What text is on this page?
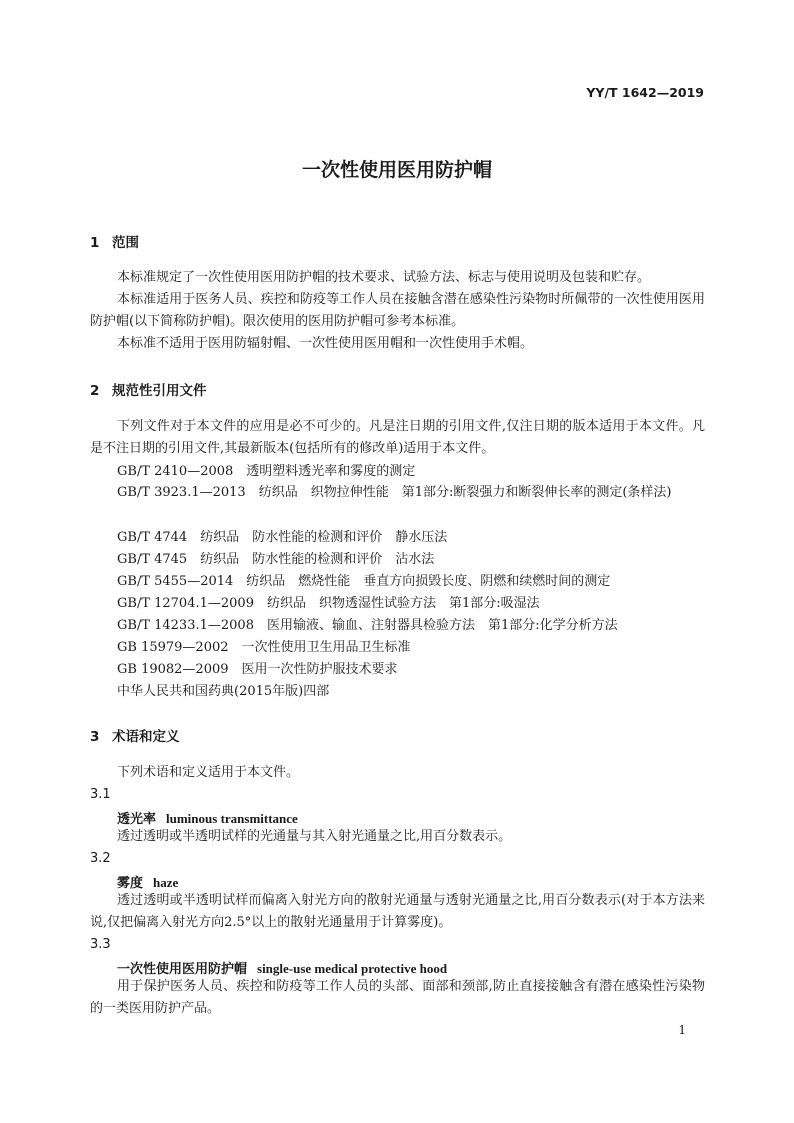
YY/T 1642—2019
一次性使用医用防护帽
1 范围
本标准规定了一次性使用医用防护帽的技术要求、试验方法、标志与使用说明及包装和贮存。
本标准适用于医务人员、疾控和防疫等工作人员在接触含潜在感染性污染物时所佩带的一次性使用医用防护帽(以下简称防护帽)。限次使用的医用防护帽可参考本标准。
本标准不适用于医用防辐射帽、一次性使用医用帽和一次性使用手术帽。
2 规范性引用文件
下列文件对于本文件的应用是必不可少的。凡是注日期的引用文件,仅注日期的版本适用于本文件。凡是不注日期的引用文件,其最新版本(包括所有的修改单)适用于本文件。
GB/T 2410—2008　透明塑料透光率和雾度的测定
GB/T 3923.1—2013　纺织品　织物拉伸性能　第1部分:断裂强力和断裂伸长率的测定(条样法)
GB/T 4744　纺织品　防水性能的检测和评价　静水压法
GB/T 4745　纺织品　防水性能的检测和评价　沾水法
GB/T 5455—2014　纺织品　燃烧性能　垂直方向损毁长度、阴燃和续燃时间的测定
GB/T 12704.1—2009　纺织品　织物透湿性试验方法　第1部分:吸湿法
GB/T 14233.1—2008　医用输液、输血、注射器具检验方法　第1部分:化学分析方法
GB 15979—2002　一次性使用卫生用品卫生标准
GB 19082—2009　医用一次性防护服技术要求
中华人民共和国药典(2015年版)四部
3 术语和定义
下列术语和定义适用于本文件。
3.1
透光率 luminous transmittance
透过透明或半透明试样的光通量与其入射光通量之比,用百分数表示。
3.2
雾度 haze
透过透明或半透明试样而偏离入射光方向的散射光通量与透射光通量之比,用百分数表示(对于本方法来说,仅把偏离入射光方向2.5°以上的散射光通量用于计算雾度)。
3.3
一次性使用医用防护帽 single-use medical protective hood
用于保护医务人员、疾控和防疫等工作人员的头部、面部和颈部,防止直接接触含有潜在感染性污染物的一类医用防护产品。
1
